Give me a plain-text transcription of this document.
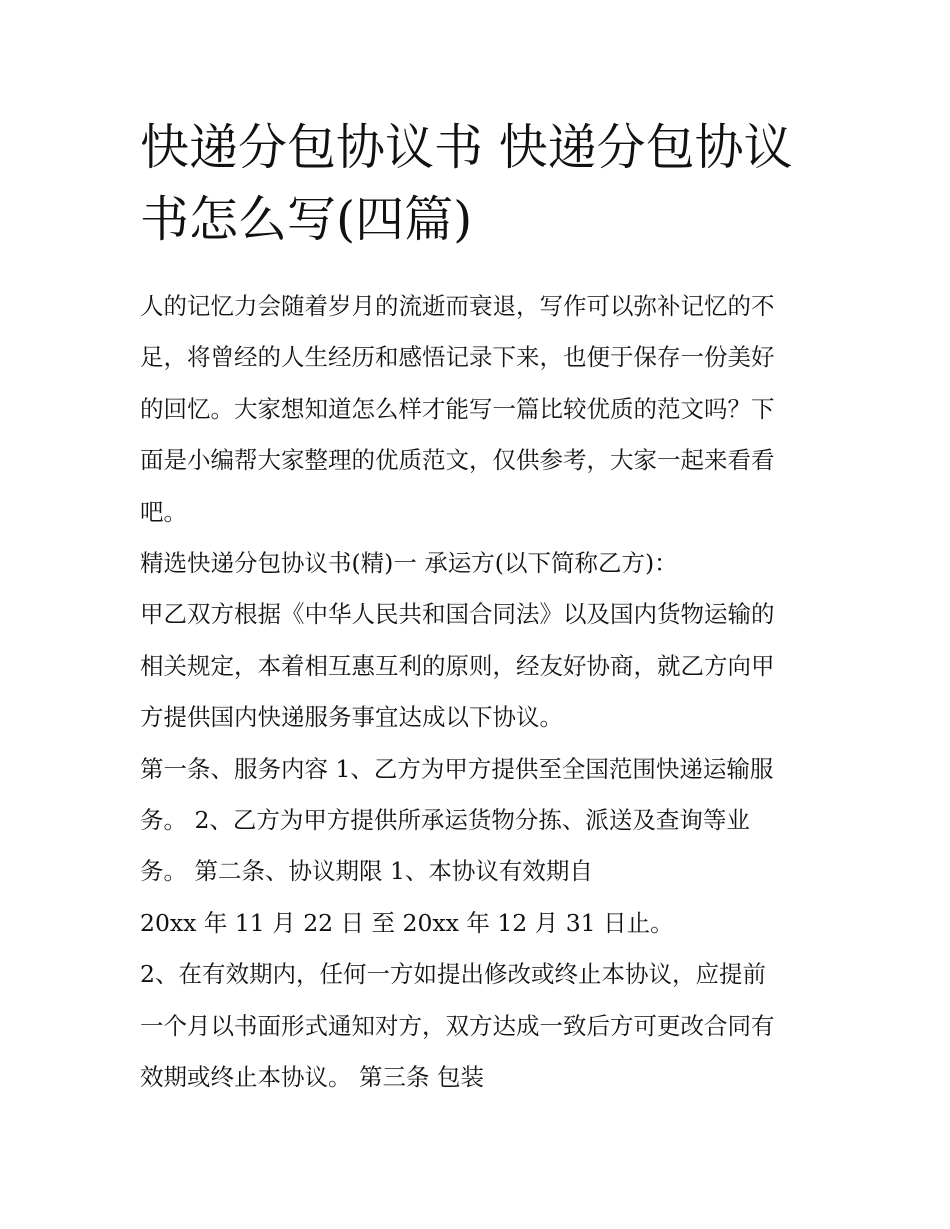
快递分包协议书 快递分包协议
书怎么写(四篇)

人的记忆力会随着岁月的流逝而衰退，写作可以弥补记忆的不
足，将曾经的人生经历和感悟记录下来，也便于保存一份美好
的回忆。大家想知道怎么样才能写一篇比较优质的范文吗？下
面是小编帮大家整理的优质范文，仅供参考，大家一起来看看
吧。

精选快递分包协议书(精)一 承运方(以下简称乙方)：

甲乙双方根据《中华人民共和国合同法》以及国内货物运输的
相关规定，本着相互惠互利的原则，经友好协商，就乙方向甲
方提供国内快递服务事宜达成以下协议。

第一条、服务内容 1、乙方为甲方提供至全国范围快递运输服
务。 2、乙方为甲方提供所承运货物分拣、派送及查询等业
务。 第二条、协议期限 1、本协议有效期自
20xx 年 11 月 22 日 至 20xx 年 12 月 31 日止。

2、在有效期内，任何一方如提出修改或终止本协议，应提前
一个月以书面形式通知对方，双方达成一致后方可更改合同有
效期或终止本协议。 第三条 包装
